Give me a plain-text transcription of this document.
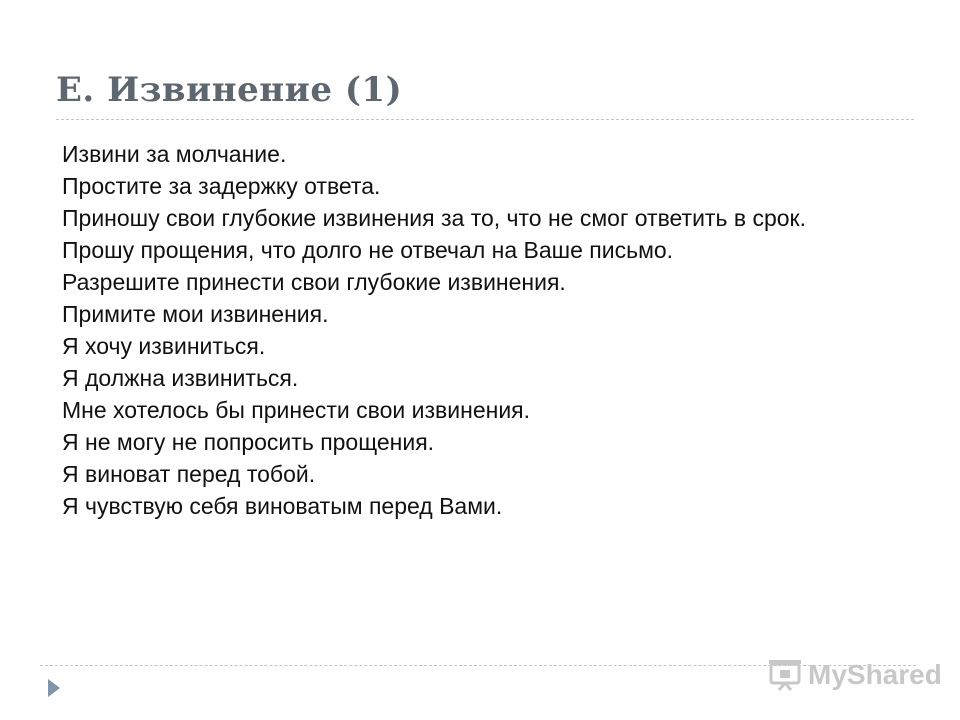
E. Извинение (1)

Извини за молчание.

Простите за задержку ответа.

Приношу свои глубокие извинения за то, что не смог ответить в срок.

Прошу прощения, что долго не отвечал на Ваше письмо.

Разрешите принести свои глубокие извинения.

Примите мои извинения.

Я хочу извиниться.

Я должна извиниться.

Мне хотелось бы принести свои извинения.

Я не могу не попросить прощения.

Я виноват перед тобой.

Я чувствую себя виноватым перед Вами.

MyShared
